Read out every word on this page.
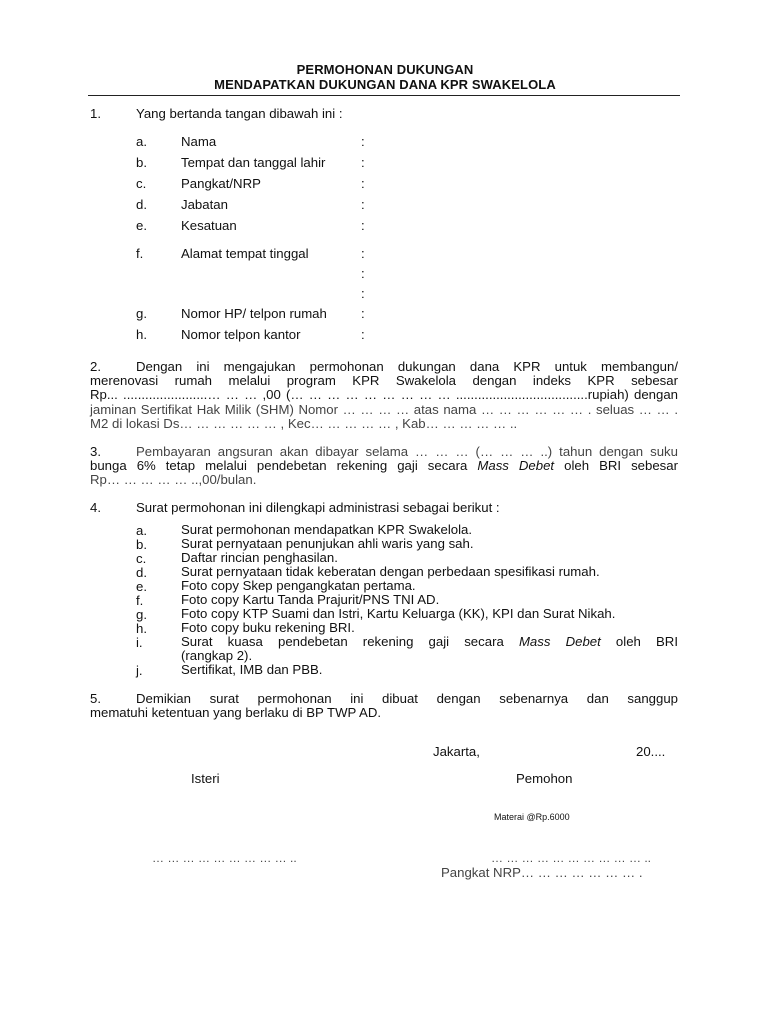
PERMOHONAN DUKUNGAN
MENDAPATKAN DUKUNGAN DANA KPR SWAKELOLA
1.	Yang bertanda tangan dibawah ini :
a.	Nama	:
b.	Tempat dan tanggal lahir	:
c.	Pangkat/NRP	:
d.	Jabatan	:
e.	Kesatuan	:
f.	Alamat tempat tinggal	:
:
:
g.	Nomor HP/ telpon rumah	:
h.	Nomor telpon kantor	:
2.	Dengan ini mengajukan permohonan dukungan dana KPR untuk membangun/
merenovasi rumah melalui program KPR Swakelola dengan indeks KPR sebesar
Rp... .......................… … … ,00 (… … … … … … … … … ....................................rupiah) dengan
jaminan Sertifikat Hak Milik (SHM) Nomor … … … … atas nama … … … … … … . seluas … … .
M2 di lokasi Ds… … … … … … , Kec… … … … … , Kab… … … … … ..
3.	Pembayaran angsuran akan dibayar selama … … … (… … … ..) tahun dengan suku
bunga 6% tetap melalui pendebetan rekening gaji secara Mass Debet oleh BRI sebesar
Rp… … … … … ..,00/bulan.
4.	Surat permohonan ini dilengkapi administrasi sebagai berikut :
a.	Surat permohonan mendapatkan KPR Swakelola.
b.	Surat pernyataan penunjukan ahli waris yang sah.
c.	Daftar rincian penghasilan.
d.	Surat pernyataan tidak keberatan dengan perbedaan spesifikasi rumah.
e.	Foto copy Skep pengangkatan pertama.
f.	Foto copy Kartu Tanda Prajurit/PNS TNI AD.
g.	Foto copy KTP Suami dan Istri, Kartu Keluarga (KK), KPI dan Surat Nikah.
h.	Foto copy buku rekening BRI.
i.	Surat kuasa pendebetan rekening gaji secara Mass Debet oleh BRI
(rangkap 2).
j.	Sertifikat, IMB dan PBB.
5.	Demikian surat permohonan ini dibuat dengan sebenarnya dan sanggup
mematuhi ketentuan yang berlaku di BP TWP AD.
Jakarta,	20....
Isteri	Pemohon
Materai @Rp.6000
… … … … … … … … … ..	… … … … … … … … … … ..
Pangkat NRP… … … … … … … .
